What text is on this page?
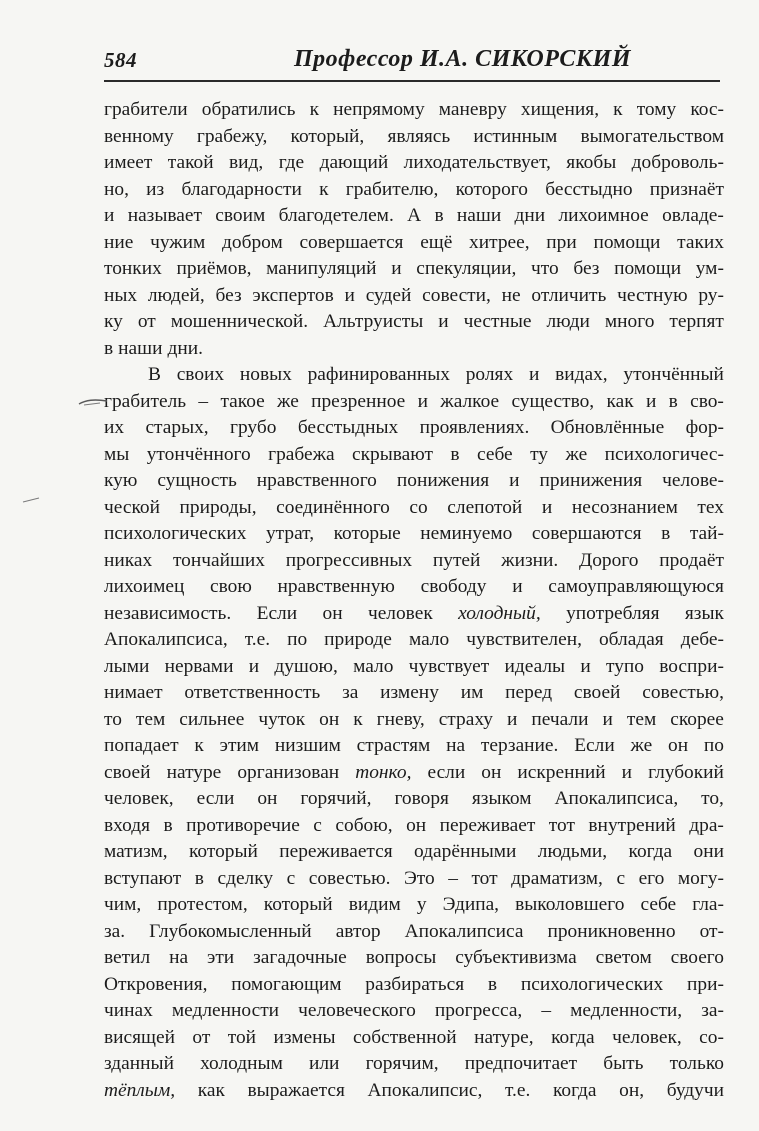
584	Профессор И.А. СИКОРСКИЙ
грабители обратились к непрямому маневру хищения, к тому кос-
венному грабежу, который, являясь истинным вымогательством
имеет такой вид, где дающий лиходательствует, якобы доброволь-
но, из благодарности к грабителю, которого бесстыдно признаёт
и называет своим благодетелем. А в наши дни лихоимное овладе-
ние чужим добром совершается ещё хитрее, при помощи таких
тонких приёмов, манипуляций и спекуляции, что без помощи ум-
ных людей, без экспертов и судей совести, не отличить честную ру-
ку от мошеннической. Альтруисты и честные люди много терпят
в наши дни.
В своих новых рафинированных ролях и видах, утончённый
грабитель – такое же презренное и жалкое существо, как и в сво-
их старых, грубо бесстыдных проявлениях. Обновлённые фор-
мы утончённого грабежа скрывают в себе ту же психологичес-
кую сущность нравственного понижения и принижения челове-
ческой природы, соединённого со слепотой и несознанием тех
психологических утрат, которые неминуемо совершаются в тай-
никах тончайших прогрессивных путей жизни. Дорого продаёт
лихоимец свою нравственную свободу и самоуправляющуюся
независимость. Если он человек холодный, употребляя язык
Апокалипсиса, т.е. по природе мало чувствителен, обладая дебе-
лыми нервами и душою, мало чувствует идеалы и тупо воспри-
нимает ответственность за измену им перед своей совестью,
то тем сильнее чуток он к гневу, страху и печали и тем скорее
попадает к этим низшим страстям на терзание. Если же он по
своей натуре организован тонко, если он искренний и глубокий
человек, если он горячий, говоря языком Апокалипсиса, то,
входя в противоречие с собою, он переживает тот внутрений дра-
матизм, который переживается одарёнными людьми, когда они
вступают в сделку с совестью. Это – тот драматизм, с его могу-
чим, протестом, который видим у Эдипа, выколовшего себе гла-
за. Глубокомысленный автор Апокалипсиса проникновенно от-
ветил на эти загадочные вопросы субъективизма светом своего
Откровения, помогающим разбираться в психологических при-
чинах медленности человеческого прогресса, – медленности, за-
висящей от той измены собственной натуре, когда человек, со-
зданный холодным или горячим, предпочитает быть только
тёплым, как выражается Апокалипсис, т.е. когда он, будучи
